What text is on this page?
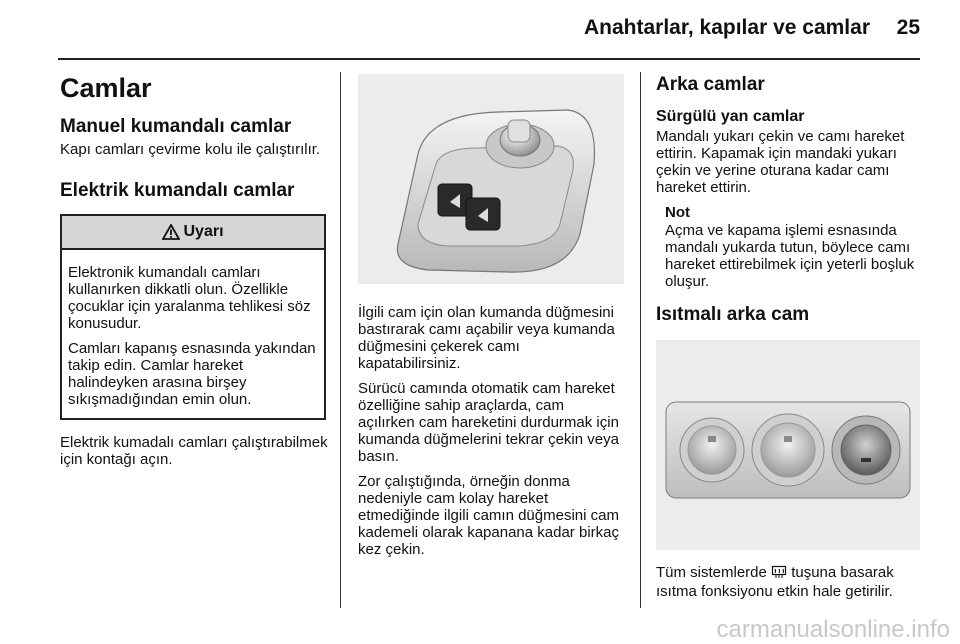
Anahtarlar, kapılar ve camlar	25
Camlar
Manuel kumandalı camlar

Kapı camları çevirme kolu ile çalıştırılır.

Elektrik kumandalı camlar
Uyarı

Elektronik kumandalı camları kullanırken dikkatli olun. Özellikle çocuklar için yaralanma tehlikesi söz konusudur.

Camları kapanış esnasında yakından takip edin. Camlar hareket halindeyken arasına birşey sıkışmadığından emin olun.

Elektrik kumadalı camları çalıştırabilmek için kontağı açın.

İlgili cam için olan kumanda düğmesini bastırarak camı açabilir veya kumanda düğmesini çekerek camı kapatabilirsiniz.

Sürücü camında otomatik cam hareket özelliğine sahip araçlarda, cam açılırken cam hareketini durdurmak için kumanda düğmelerini tekrar çekin veya basın.

Zor çalıştığında, örneğin donma nedeniyle cam kolay hareket etmediğinde ilgili camın düğmesini cam kademeli olarak kapanana kadar birkaç kez çekin.

Arka camlar
Sürgülü yan camlar

Mandalı yukarı çekin ve camı hareket ettirin. Kapamak için mandaki yukarı çekin ve yerine oturana kadar camı hareket ettirin.

Not

Açma ve kapama işlemi esnasında mandalı yukarda tutun, böylece camı hareket ettirebilmek için yeterli boşluk oluşur.

Isıtmalı arka cam

Tüm sistemlerde tuşuna basarak ısıtma fonksiyonu etkin hale getirilir.

carmanualsonline.info
